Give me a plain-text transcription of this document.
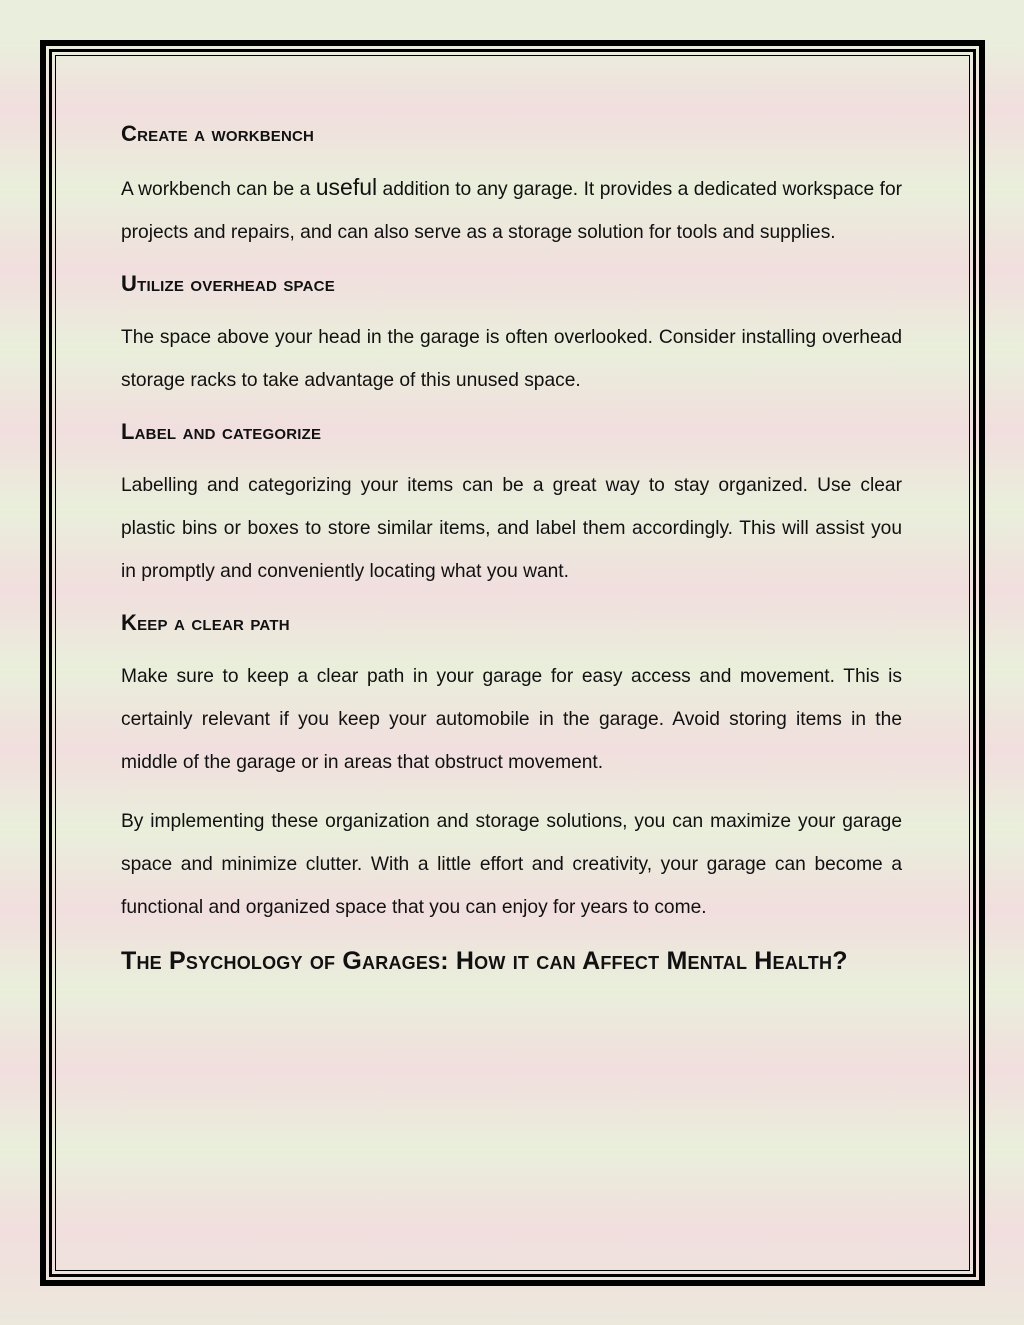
Create a workbench

A workbench can be a useful addition to any garage. It provides a dedicated workspace for projects and repairs, and can also serve as a storage solution for tools and supplies.

Utilize overhead space

The space above your head in the garage is often overlooked. Consider installing overhead storage racks to take advantage of this unused space.

Label and categorize

Labelling and categorizing your items can be a great way to stay organized. Use clear plastic bins or boxes to store similar items, and label them accordingly. This will assist you in promptly and conveniently locating what you want.

Keep a clear path

Make sure to keep a clear path in your garage for easy access and movement. This is certainly relevant if you keep your automobile in the garage. Avoid storing items in the middle of the garage or in areas that obstruct movement.

By implementing these organization and storage solutions, you can maximize your garage space and minimize clutter. With a little effort and creativity, your garage can become a functional and organized space that you can enjoy for years to come.

The Psychology of Garages: How it can Affect Mental Health?
